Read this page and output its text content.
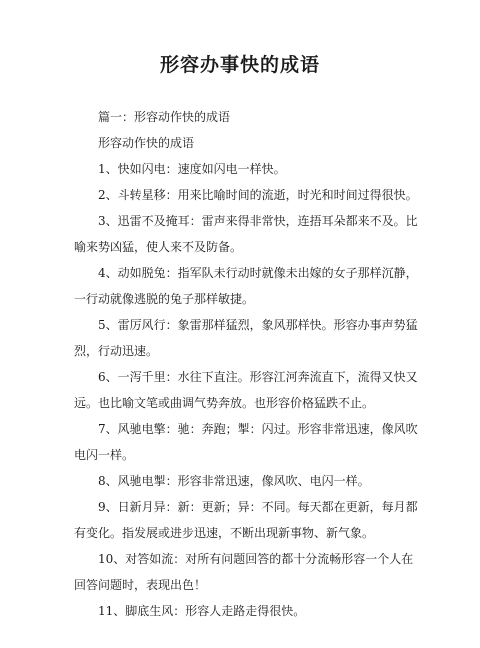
形容办事快的成语
篇一：形容动作快的成语
形容动作快的成语
1、快如闪电：速度如闪电一样快。
2、斗转星移：用来比喻时间的流逝，时光和时间过得很快。
3、迅雷不及掩耳：雷声来得非常快，连捂耳朵都来不及。比
喻来势凶猛，使人来不及防备。
4、动如脱兔：指军队未行动时就像未出嫁的女子那样沉静，
一行动就像逃脱的兔子那样敏捷。
5、雷厉风行：象雷那样猛烈，象风那样快。形容办事声势猛
烈，行动迅速。
6、一泻千里：水往下直注。形容江河奔流直下，流得又快又
远。也比喻文笔或曲调气势奔放。也形容价格猛跌不止。
7、风驰电擎：驰：奔跑；掣：闪过。形容非常迅速，像风吹
电闪一样。
8、风驰电掣：形容非常迅速，像风吹、电闪一样。
9、日新月异：新：更新；异：不同。每天都在更新，每月都
有变化。指发展或进步迅速，不断出现新事物、新气象。
10、对答如流：对所有问题回答的都十分流畅形容一个人在
回答问题时，表现出色！
11、脚底生风：形容人走路走得很快。
